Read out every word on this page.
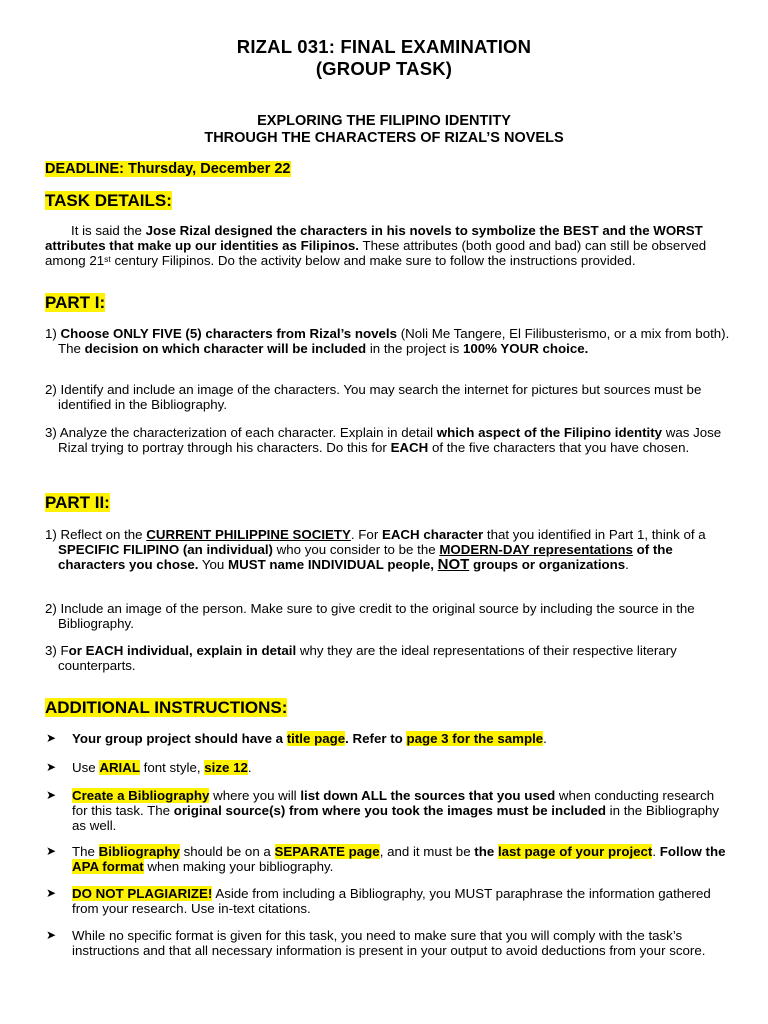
RIZAL 031: FINAL EXAMINATION
(GROUP TASK)
EXPLORING THE FILIPINO IDENTITY
THROUGH THE CHARACTERS OF RIZAL’S NOVELS
DEADLINE: Thursday, December 22
TASK DETAILS:
It is said the Jose Rizal designed the characters in his novels to symbolize the BEST and the WORST attributes that make up our identities as Filipinos. These attributes (both good and bad) can still be observed among 21st century Filipinos. Do the activity below and make sure to follow the instructions provided.
PART I:
1) Choose ONLY FIVE (5) characters from Rizal’s novels (Noli Me Tangere, El Filibusterismo, or a mix from both). The decision on which character will be included in the project is 100% YOUR choice.
2) Identify and include an image of the characters. You may search the internet for pictures but sources must be identified in the Bibliography.
3) Analyze the characterization of each character. Explain in detail which aspect of the Filipino identity was Jose Rizal trying to portray through his characters. Do this for EACH of the five characters that you have chosen.
PART II:
1) Reflect on the CURRENT PHILIPPINE SOCIETY. For EACH character that you identified in Part 1, think of a SPECIFIC FILIPINO (an individual) who you consider to be the MODERN-DAY representations of the characters you chose. You MUST name INDIVIDUAL people, NOT groups or organizations.
2) Include an image of the person. Make sure to give credit to the original source by including the source in the Bibliography.
3) For EACH individual, explain in detail why they are the ideal representations of their respective literary counterparts.
ADDITIONAL INSTRUCTIONS:
➤ Your group project should have a title page. Refer to page 3 for the sample.
➤ Use ARIAL font style, size 12.
➤ Create a Bibliography where you will list down ALL the sources that you used when conducting research for this task. The original source(s) from where you took the images must be included in the Bibliography as well.
➤ The Bibliography should be on a SEPARATE page, and it must be the last page of your project. Follow the APA format when making your bibliography.
➤ DO NOT PLAGIARIZE! Aside from including a Bibliography, you MUST paraphrase the information gathered from your research. Use in-text citations.
➤ While no specific format is given for this task, you need to make sure that you will comply with the task’s instructions and that all necessary information is present in your output to avoid deductions from your score.
